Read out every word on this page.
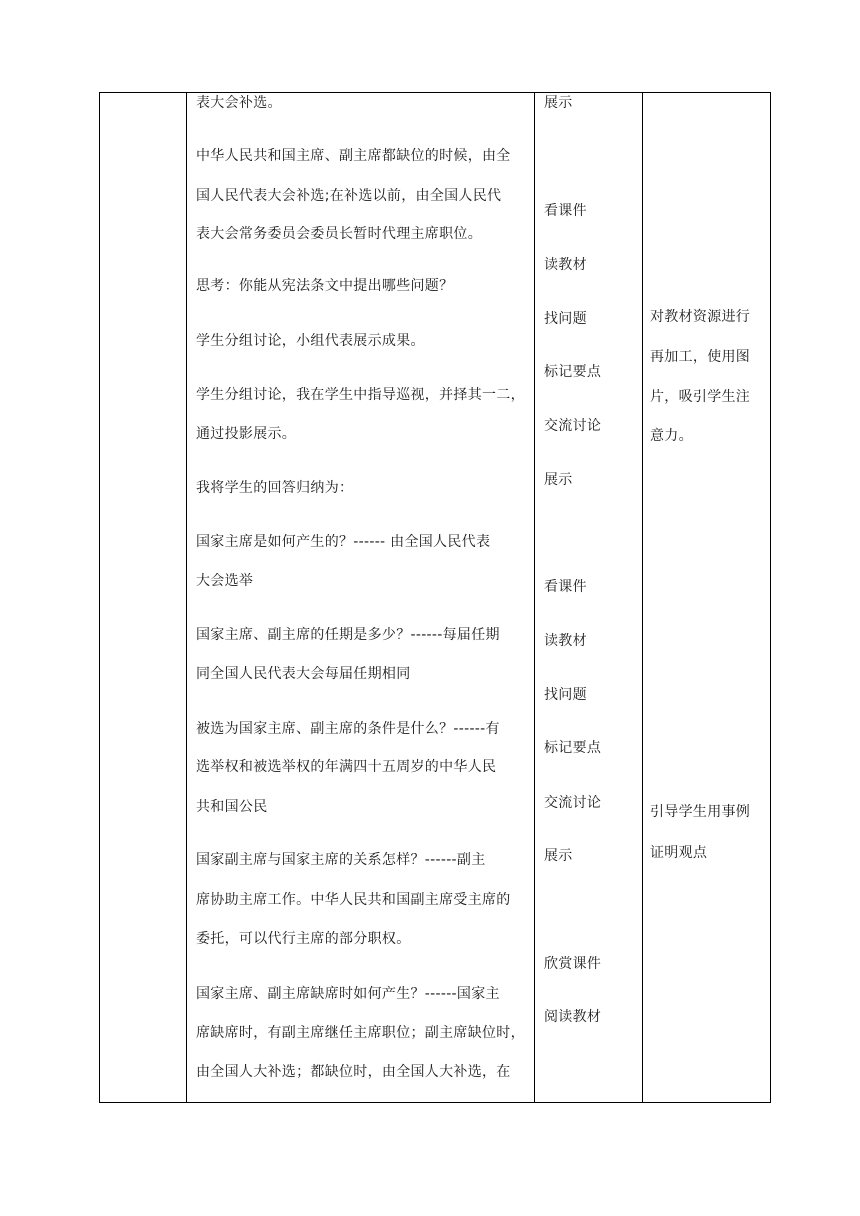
表大会补选。
中华人民共和国主席、副主席都缺位的时候，由全
国人民代表大会补选;在补选以前，由全国人民代
表大会常务委员会委员长暂时代理主席职位。
思考：你能从宪法条文中提出哪些问题？
学生分组讨论，小组代表展示成果。
学生分组讨论，我在学生中指导巡视，并择其一二，
通过投影展示。
我将学生的回答归纳为：
国家主席是如何产生的？------ 由全国人民代表
大会选举
国家主席、副主席的任期是多少？------每届任期
同全国人民代表大会每届任期相同
被选为国家主席、副主席的条件是什么？------有
选举权和被选举权的年满四十五周岁的中华人民
共和国公民
国家副主席与国家主席的关系怎样？------副主
席协助主席工作。中华人民共和国副主席受主席的
委托，可以代行主席的部分职权。
国家主席、副主席缺席时如何产生？------国家主
席缺席时，有副主席继任主席职位；副主席缺位时，
由全国人大补选；都缺位时，由全国人大补选，在
展示
看课件
读教材
找问题
标记要点
交流讨论
展示
看课件
读教材
找问题
标记要点
交流讨论
展示
欣赏课件
阅读教材
对教材资源进行
再加工，使用图
片，吸引学生注
意力。
引导学生用事例
证明观点
